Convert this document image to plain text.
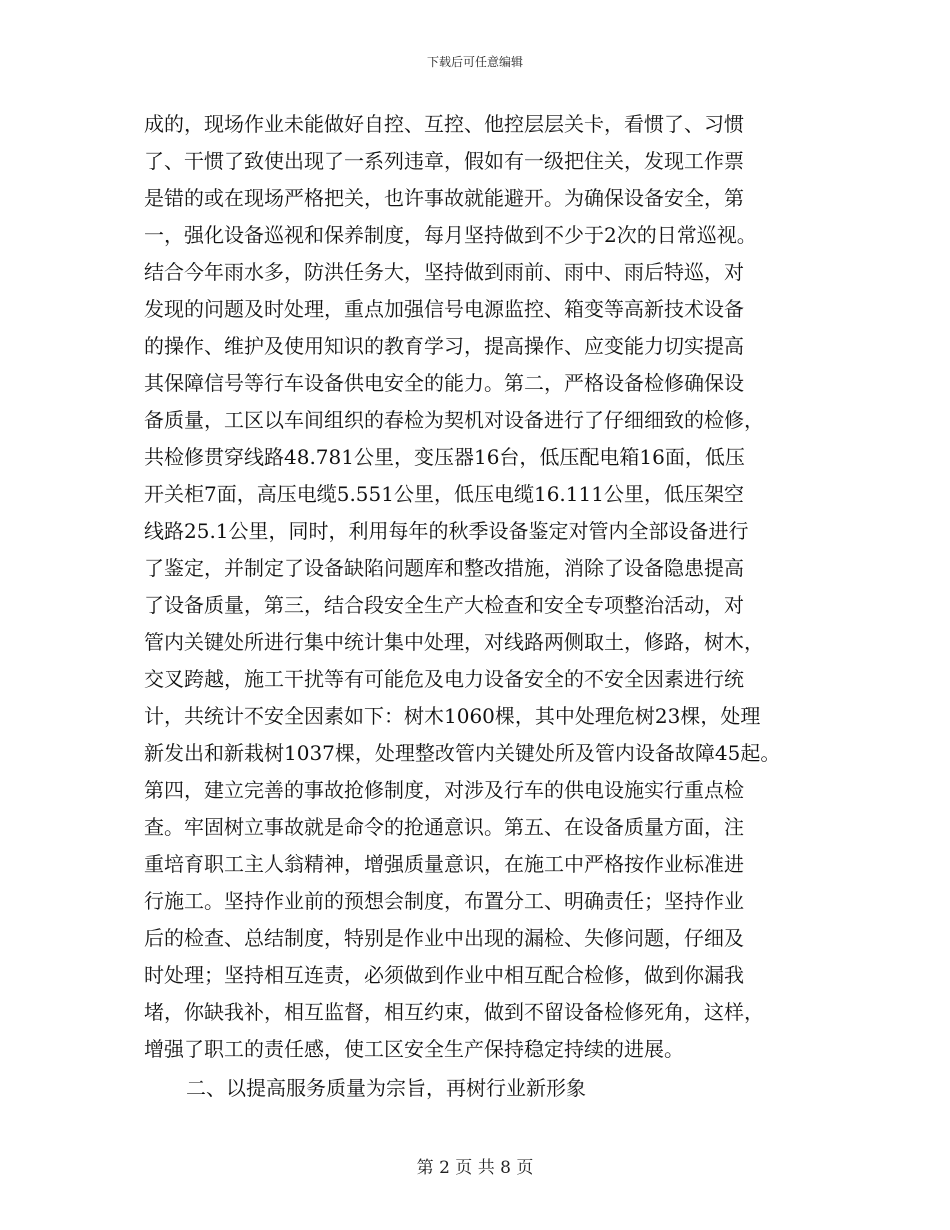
下载后可任意编辑
成的，现场作业未能做好自控、互控、他控层层关卡，看惯了、习惯
了、干惯了致使出现了一系列违章，假如有一级把住关，发现工作票
是错的或在现场严格把关，也许事故就能避开。为确保设备安全，第
一，强化设备巡视和保养制度，每月坚持做到不少于2次的日常巡视。
结合今年雨水多，防洪任务大，坚持做到雨前、雨中、雨后特巡，对
发现的问题及时处理，重点加强信号电源监控、箱变等高新技术设备
的操作、维护及使用知识的教育学习，提高操作、应变能力切实提高
其保障信号等行车设备供电安全的能力。第二，严格设备检修确保设
备质量，工区以车间组织的春检为契机对设备进行了仔细细致的检修，
共检修贯穿线路48.781公里，变压器16台，低压配电箱16面，低压
开关柜7面，高压电缆5.551公里，低压电缆16.111公里，低压架空
线路25.1公里，同时，利用每年的秋季设备鉴定对管内全部设备进行
了鉴定，并制定了设备缺陷问题库和整改措施，消除了设备隐患提高
了设备质量，第三，结合段安全生产大检查和安全专项整治活动，对
管内关键处所进行集中统计集中处理，对线路两侧取土，修路，树木，
交叉跨越，施工干扰等有可能危及电力设备安全的不安全因素进行统
计，共统计不安全因素如下：树木1060棵，其中处理危树23棵，处理
新发出和新栽树1037棵，处理整改管内关键处所及管内设备故障45起。
第四，建立完善的事故抢修制度，对涉及行车的供电设施实行重点检
查。牢固树立事故就是命令的抢通意识。第五、在设备质量方面，注
重培育职工主人翁精神，增强质量意识，在施工中严格按作业标准进
行施工。坚持作业前的预想会制度，布置分工、明确责任；坚持作业
后的检查、总结制度，特别是作业中出现的漏检、失修问题，仔细及
时处理；坚持相互连责，必须做到作业中相互配合检修，做到你漏我
堵，你缺我补，相互监督，相互约束，做到不留设备检修死角，这样，
增强了职工的责任感，使工区安全生产保持稳定持续的进展。
二、以提高服务质量为宗旨，再树行业新形象
第 2 页 共 8 页
